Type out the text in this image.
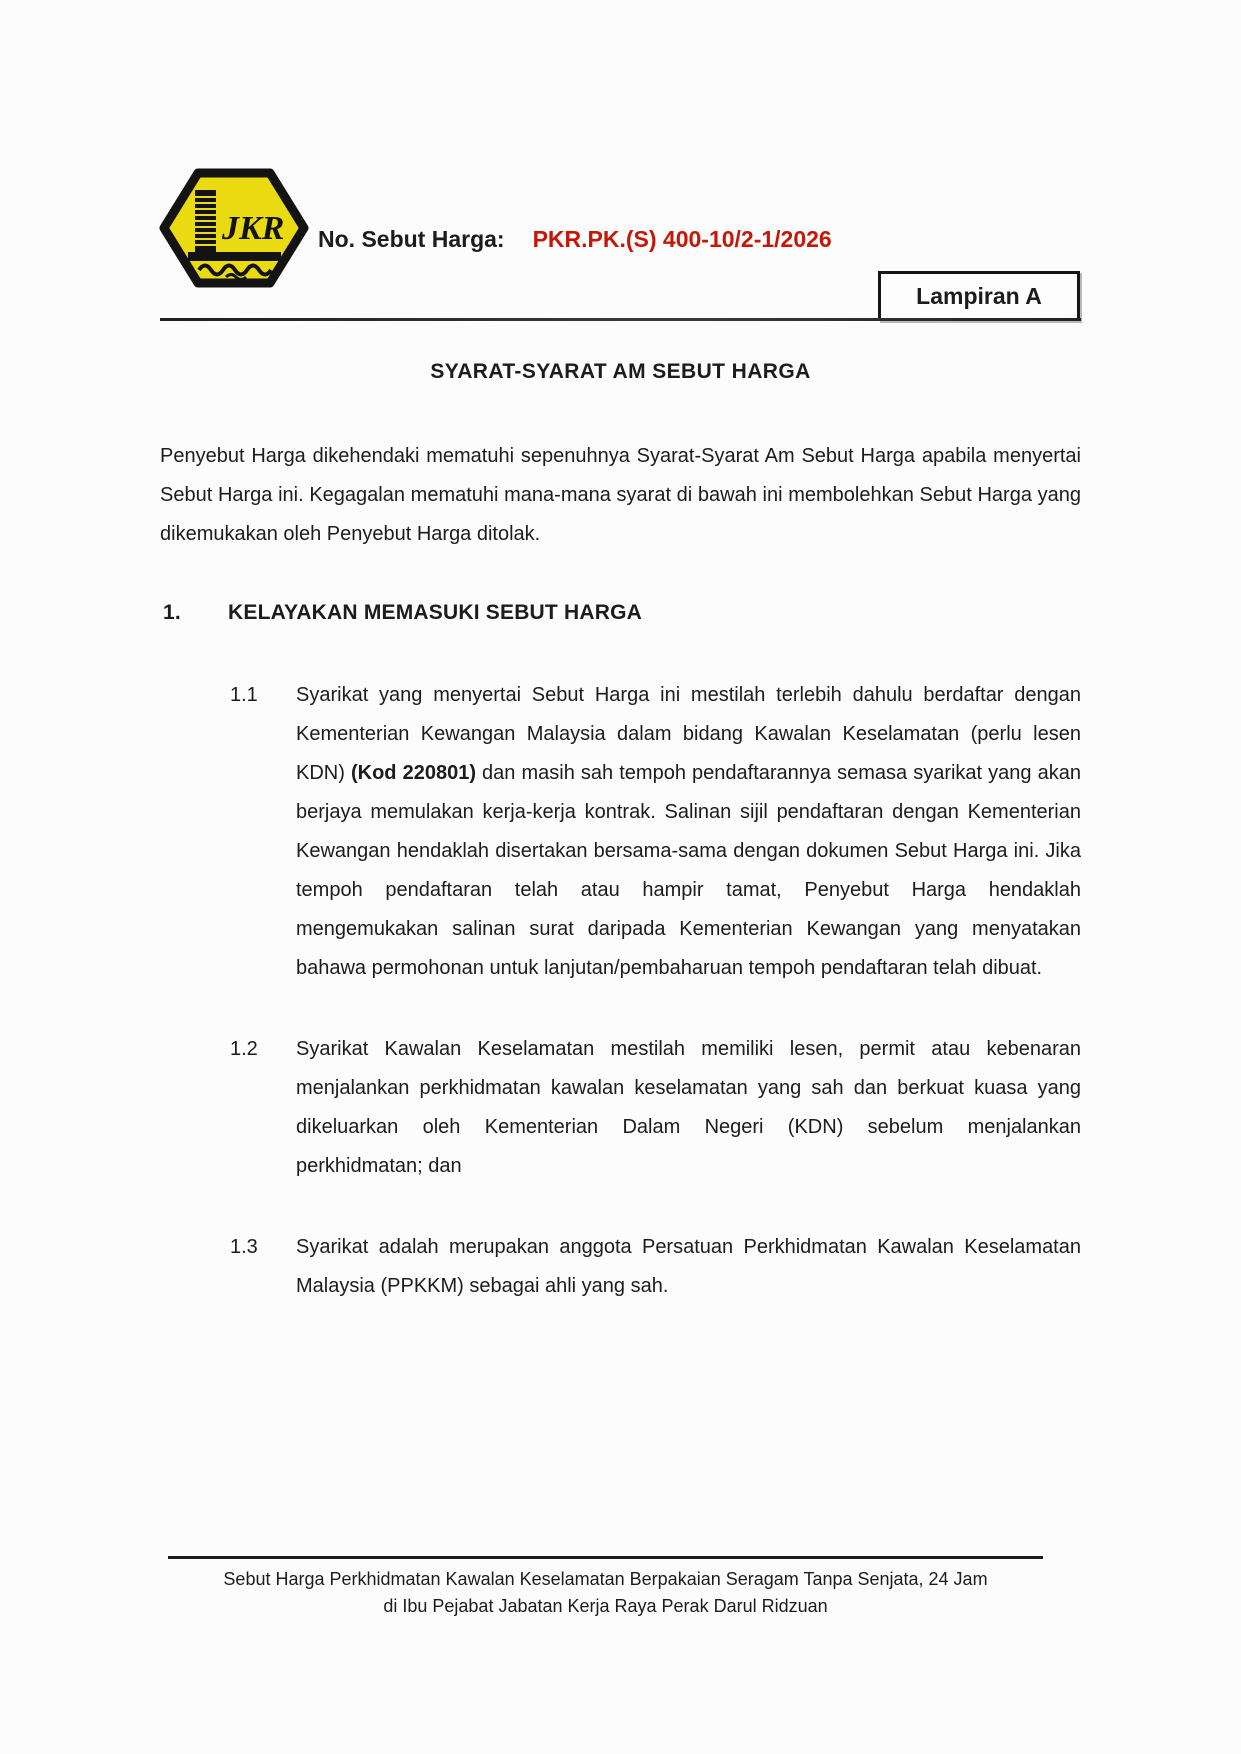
JKR No. Sebut Harga: PKR.PK.(S) 400-10/2-1/2026
Lampiran A
SYARAT-SYARAT AM SEBUT HARGA

Penyebut Harga dikehendaki mematuhi sepenuhnya Syarat-Syarat Am Sebut Harga apabila menyertai Sebut Harga ini. Kegagalan mematuhi mana-mana syarat di bawah ini membolehkan Sebut Harga yang dikemukakan oleh Penyebut Harga ditolak.

1.	KELAYAKAN MEMASUKI SEBUT HARGA
1.1	Syarikat yang menyertai Sebut Harga ini mestilah terlebih dahulu berdaftar dengan Kementerian Kewangan Malaysia dalam bidang Kawalan Keselamatan (perlu lesen KDN) (Kod 220801) dan masih sah tempoh pendaftarannya semasa syarikat yang akan berjaya memulakan kerja-kerja kontrak. Salinan sijil pendaftaran dengan Kementerian Kewangan hendaklah disertakan bersama-sama dengan dokumen Sebut Harga ini. Jika tempoh pendaftaran telah atau hampir tamat, Penyebut Harga hendaklah mengemukakan salinan surat daripada Kementerian Kewangan yang menyatakan bahawa permohonan untuk lanjutan/pembaharuan tempoh pendaftaran telah dibuat.

1.2	Syarikat Kawalan Keselamatan mestilah memiliki lesen, permit atau kebenaran menjalankan perkhidmatan kawalan keselamatan yang sah dan berkuat kuasa yang dikeluarkan oleh Kementerian Dalam Negeri (KDN) sebelum menjalankan perkhidmatan; dan

1.3	Syarikat adalah merupakan anggota Persatuan Perkhidmatan Kawalan Keselamatan Malaysia (PPKKM) sebagai ahli yang sah.

Sebut Harga Perkhidmatan Kawalan Keselamatan Berpakaian Seragam Tanpa Senjata, 24 Jam
di Ibu Pejabat Jabatan Kerja Raya Perak Darul Ridzuan
